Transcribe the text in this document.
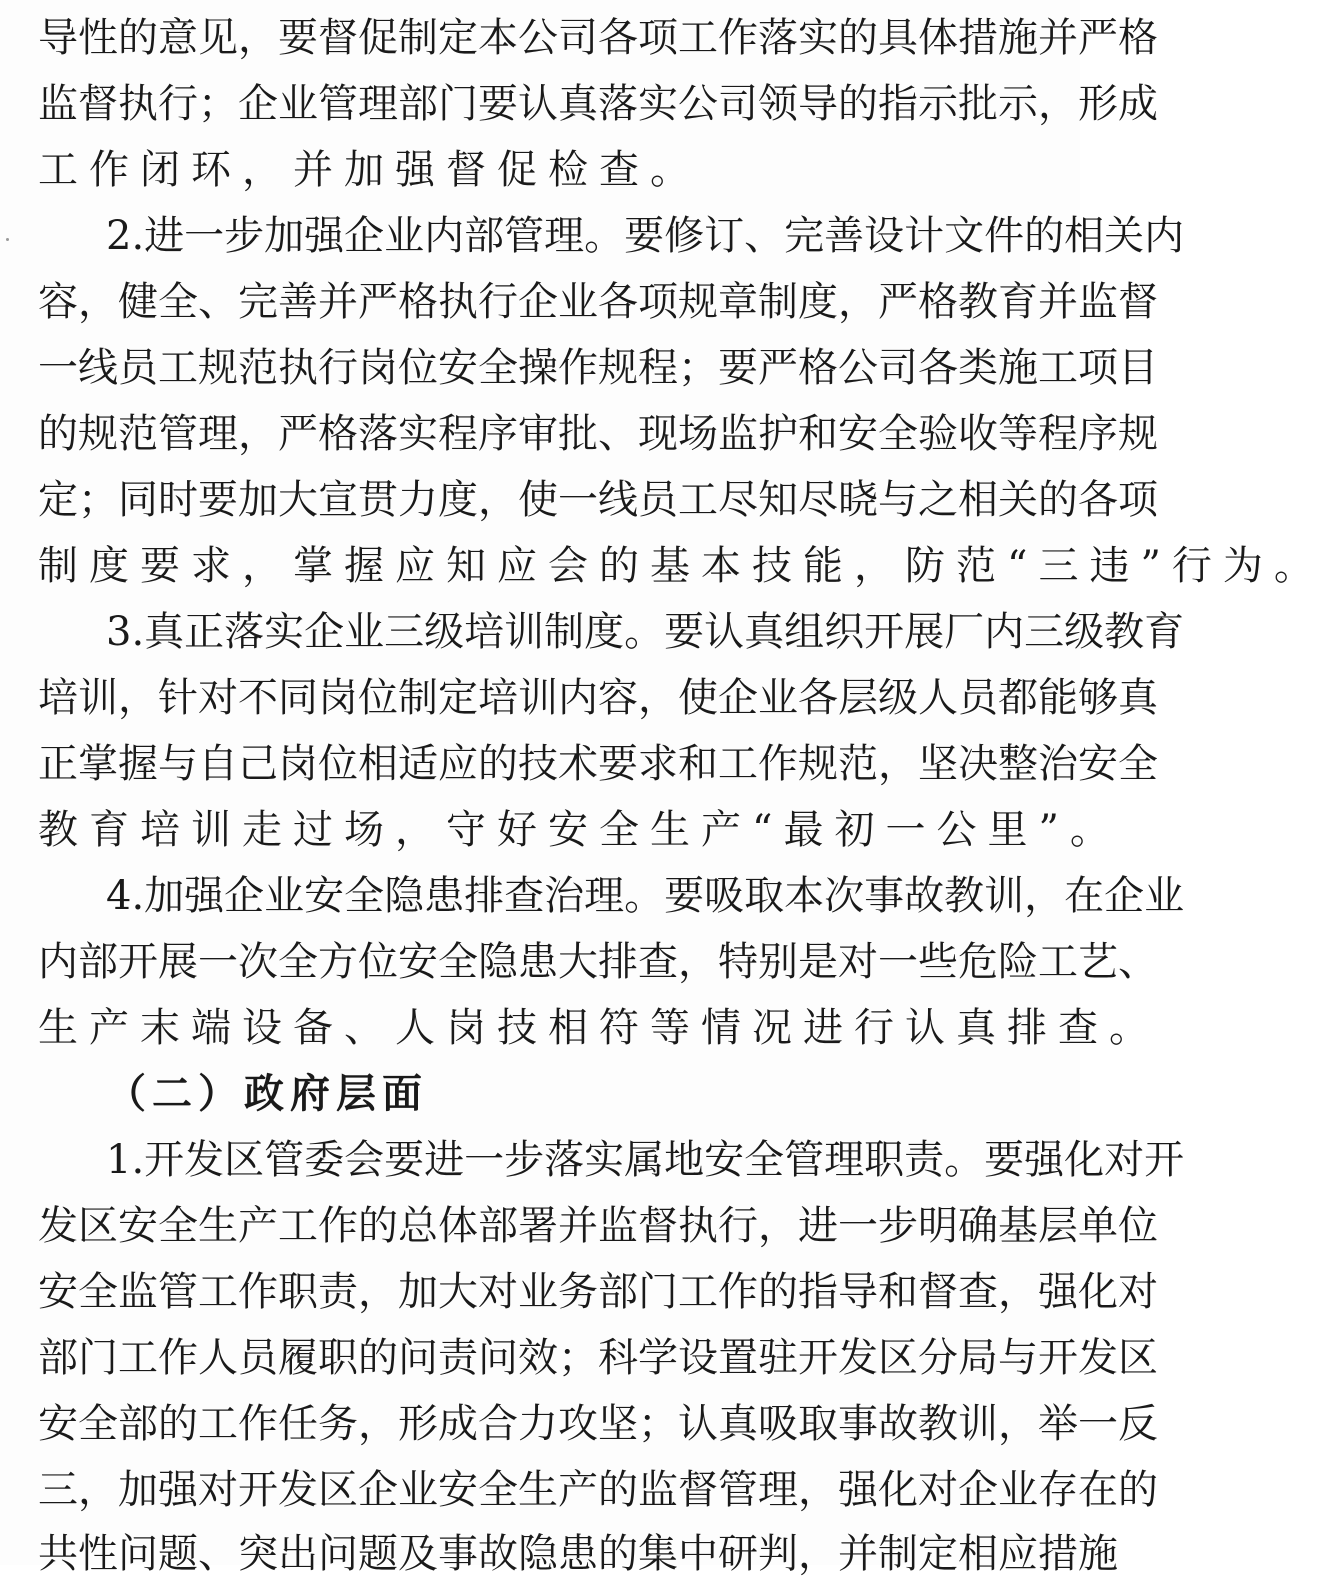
导性的意见，要督促制定本公司各项工作落实的具体措施并严格
监督执行；企业管理部门要认真落实公司领导的指示批示，形成
工作闭环，并加强督促检查。
2.进一步加强企业内部管理。要修订、完善设计文件的相关内
容，健全、完善并严格执行企业各项规章制度，严格教育并监督
一线员工规范执行岗位安全操作规程；要严格公司各类施工项目
的规范管理，严格落实程序审批、现场监护和安全验收等程序规
定；同时要加大宣贯力度，使一线员工尽知尽晓与之相关的各项
制度要求，掌握应知应会的基本技能，防范“三违”行为。
3.真正落实企业三级培训制度。要认真组织开展厂内三级教育
培训，针对不同岗位制定培训内容，使企业各层级人员都能够真
正掌握与自己岗位相适应的技术要求和工作规范，坚决整治安全
教育培训走过场，守好安全生产“最初一公里”。
4.加强企业安全隐患排查治理。要吸取本次事故教训，在企业
内部开展一次全方位安全隐患大排查，特别是对一些危险工艺、
生产末端设备、人岗技相符等情况进行认真排查。
（二）政府层面
1.开发区管委会要进一步落实属地安全管理职责。要强化对开
发区安全生产工作的总体部署并监督执行，进一步明确基层单位
安全监管工作职责，加大对业务部门工作的指导和督查，强化对
部门工作人员履职的问责问效；科学设置驻开发区分局与开发区
安全部的工作任务，形成合力攻坚；认真吸取事故教训，举一反
三，加强对开发区企业安全生产的监督管理，强化对企业存在的
共性问题、突出问题及事故隐患的集中研判，并制定相应措施
